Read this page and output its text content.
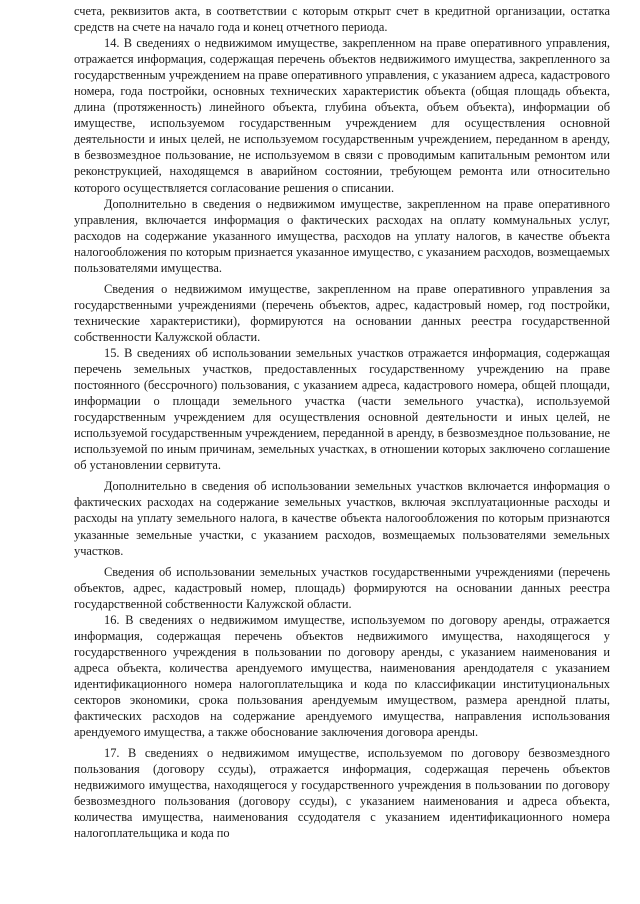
счета, реквизитов акта, в соответствии с которым открыт счет в кредитной организации, остатка средств на счете на начало года и конец отчетного периода.

14. В сведениях о недвижимом имуществе, закрепленном на праве оперативного управления, отражается информация, содержащая перечень объектов недвижимого имущества, закрепленного за государственным учреждением на праве оперативного управления, с указанием адреса, кадастрового номера, года постройки, основных технических характеристик объекта (общая площадь объекта, длина (протяженность) линейного объекта, глубина объекта, объем объекта), информации об имуществе, используемом государственным учреждением для осуществления основной деятельности и иных целей, не используемом государственным учреждением, переданном в аренду, в безвозмездное пользование, не используемом в связи с проводимым капитальным ремонтом или реконструкцией, находящемся в аварийном состоянии, требующем ремонта или относительно которого осуществляется согласование решения о списании.

Дополнительно в сведения о недвижимом имуществе, закрепленном на праве оперативного управления, включается информация о фактических расходах на оплату коммунальных услуг, расходов на содержание указанного имущества, расходов на уплату налогов, в качестве объекта налогообложения по которым признается указанное имущество, с указанием расходов, возмещаемых пользователями имущества.

Сведения о недвижимом имуществе, закрепленном на праве оперативного управления за государственными учреждениями (перечень объектов, адрес, кадастровый номер, год постройки, технические характеристики), формируются на основании данных реестра государственной собственности Калужской области.

15. В сведениях об использовании земельных участков отражается информация, содержащая перечень земельных участков, предоставленных государственному учреждению на праве постоянного (бессрочного) пользования, с указанием адреса, кадастрового номера, общей площади, информации о площади земельного участка (части земельного участка), используемой государственным учреждением для осуществления основной деятельности и иных целей, не используемой государственным учреждением, переданной в аренду, в безвозмездное пользование, не используемой по иным причинам, земельных участках, в отношении которых заключено соглашение об установлении сервитута.

Дополнительно в сведения об использовании земельных участков включается информация о фактических расходах на содержание земельных участков, включая эксплуатационные расходы и расходы на уплату земельного налога, в качестве объекта налогообложения по которым признаются указанные земельные участки, с указанием расходов, возмещаемых пользователями земельных участков.

Сведения об использовании земельных участков государственными учреждениями (перечень объектов, адрес, кадастровый номер, площадь) формируются на основании данных реестра государственной собственности Калужской области.

16. В сведениях о недвижимом имуществе, используемом по договору аренды, отражается информация, содержащая перечень объектов недвижимого имущества, находящегося у государственного учреждения в пользовании по договору аренды, с указанием наименования и адреса объекта, количества арендуемого имущества, наименования арендодателя с указанием идентификационного номера налогоплательщика и кода по классификации институциональных секторов экономики, срока пользования арендуемым имуществом, размера арендной платы, фактических расходов на содержание арендуемого имущества, направления использования арендуемого имущества, а также обоснование заключения договора аренды.

17. В сведениях о недвижимом имуществе, используемом по договору безвозмездного пользования (договору ссуды), отражается информация, содержащая перечень объектов недвижимого имущества, находящегося у государственного учреждения в пользовании по договору безвозмездного пользования (договору ссуды), с указанием наименования и адреса объекта, количества имущества, наименования ссудодателя с указанием идентификационного номера налогоплательщика и кода по
